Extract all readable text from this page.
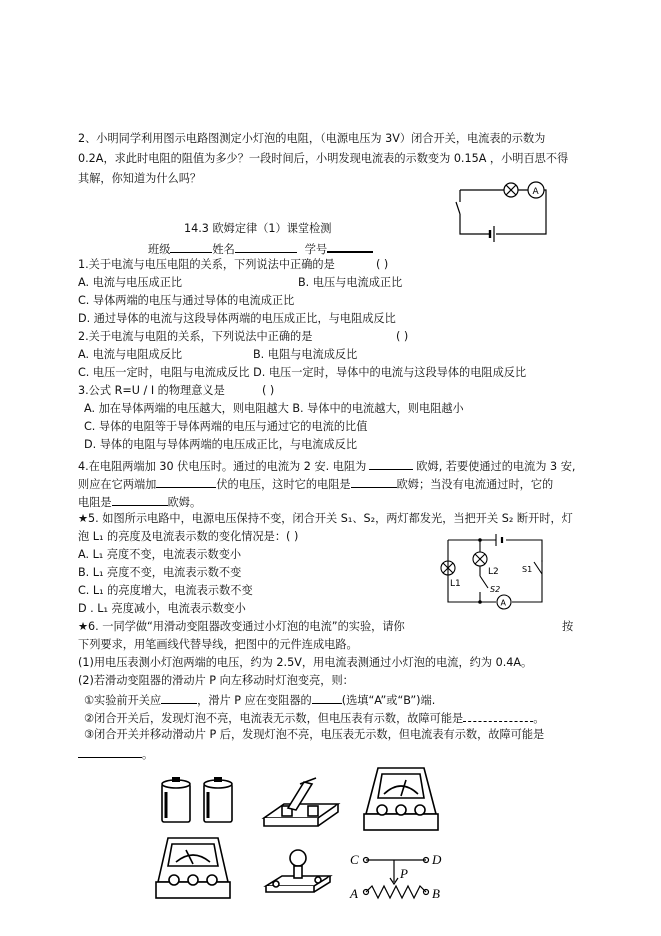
2、小明同学利用图示电路图测定小灯泡的电阻，（电源电压为 3V）闭合开关，电流表的示数为
0.2A，求此时电阻的阻值为多少？一段时间后，小明发现电流表的示数变为 0.15A ，小明百思不得
其解，你知道为什么吗？
A
14.3 欧姆定律（1）课堂检测
班级	姓名	学号
1.关于电流与电压电阻的关系，下列说法中正确的是	( )
A. 电流与电压成正比	B. 电压与电流成正比
C. 导体两端的电压与通过导体的电流成正比
D. 通过导体的电流与这段导体两端的电压成正比，与电阻成反比
2.关于电流与电阻的关系，下列说法中正确的是	( )
A. 电流与电阻成反比	B. 电阻与电流成反比
C. 电压一定时，电阻与电流成反比 D. 电压一定时，导体中的电流与这段导体的电阻成反比
3.公式 R=U / I 的物理意义是	( )
A. 加在导体两端的电压越大，则电阻越大 B. 导体中的电流越大，则电阻越小
C. 导体的电阻等于导体两端的电压与通过它的电流的比值
D. 导体的电阻与导体两端的电压成正比，与电流成反比
4.在电阻两端加 30 伏电压时。通过的电流为 2 安. 电阻为	欧姆, 若要使通过的电流为 3 安,
则应在它两端加	伏的电压，这时它的电阻是	欧姆；当没有电流通过时，它的
电阻是	欧姆。
★5. 如图所示电路中，电源电压保持不变，闭合开关 S₁、S₂，两灯都发光，当把开关 S₂ 断开时，灯
泡 L₁ 的亮度及电流表示数的变化情况是：( )
A. L₁ 亮度不变，电流表示数变小
B. L₁ 亮度不变，电流表示数不变
C. L₁ 的亮度增大，电流表示数不变
D . L₁ 亮度减小，电流表示数变小
L1
L2
S2
S1
A
★6. 一同学做“用滑动变阻器改变通过小灯泡的电流”的实验，请你	按
下列要求，用笔画线代替导线，把图中的元件连成电路。
(1)用电压表测小灯泡两端的电压，约为 2.5V，用电流表测通过小灯泡的电流，约为 0.4A。
(2)若滑动变阻器的滑动片 P 向左移动时灯泡变亮，则：
①实验前开关应	，滑片 P 应在变阻器的	(选填“A”或“B”)端.
②闭合开关后，发现灯泡不亮，电流表无示数，但电压表有示数，故障可能是	。
③闭合开关并移动滑动片 P 后，发现灯泡不亮，电压表无示数，但电流表有示数，故障可能是
。
C	D
P
A	B
